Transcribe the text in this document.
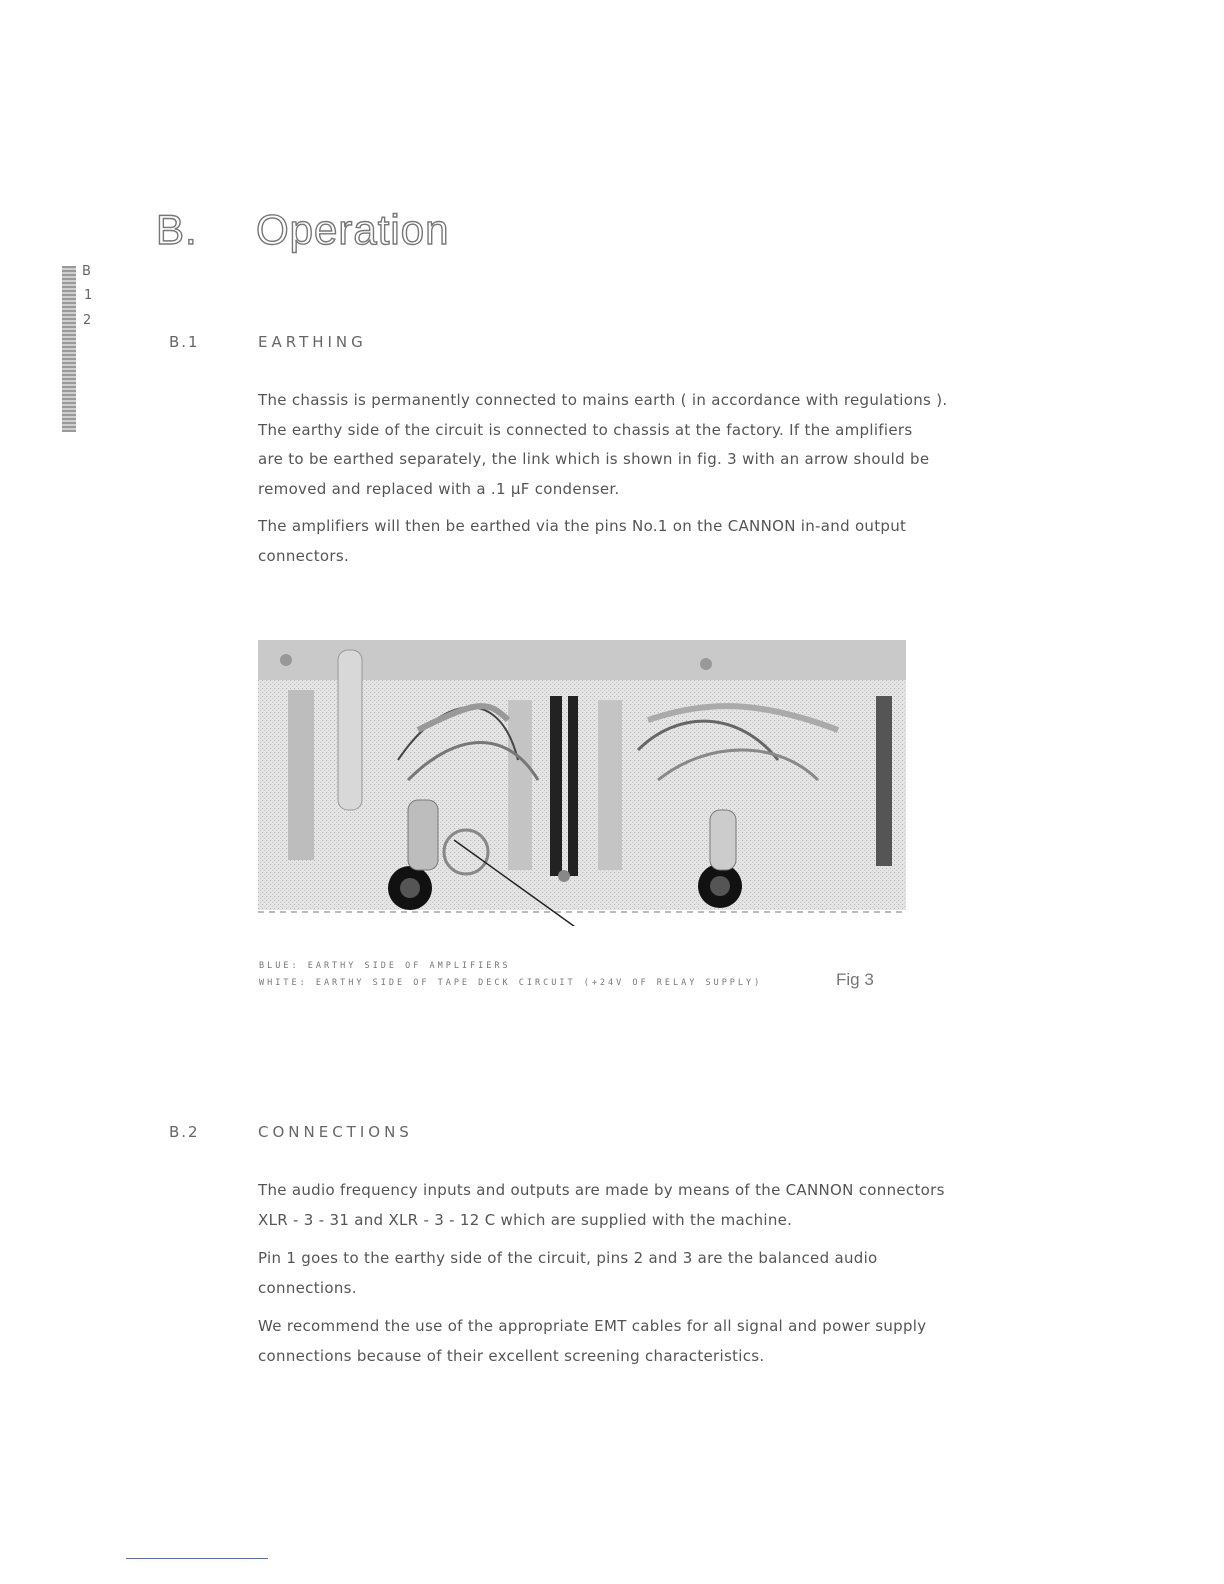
B. Operation
B
1
2
B.1	EARTHING

The chassis is permanently connected to mains earth ( in accordance with regulations ).

The earthy side of the circuit is connected to chassis at the factory. If the amplifiers

are to be earthed separately, the link which is shown in fig. 3 with an arrow should be

removed and replaced with a .1 µF condenser.

The amplifiers will then be earthed via the pins No.1 on the CANNON in-and output

connectors.

BLUE: EARTHY SIDE OF AMPLIFIERS
WHITE: EARTHY SIDE OF TAPE DECK CIRCUIT (+24V OF RELAY SUPPLY)	Fig 3
B.2	CONNECTIONS

The audio frequency inputs and outputs are made by means of the CANNON connectors

XLR - 3 - 31 and XLR - 3 - 12 C which are supplied with the machine.

Pin 1 goes to the earthy side of the circuit, pins 2 and 3 are the balanced audio

connections.

We recommend the use of the appropriate EMT cables for all signal and power supply

connections because of their excellent screening characteristics.
